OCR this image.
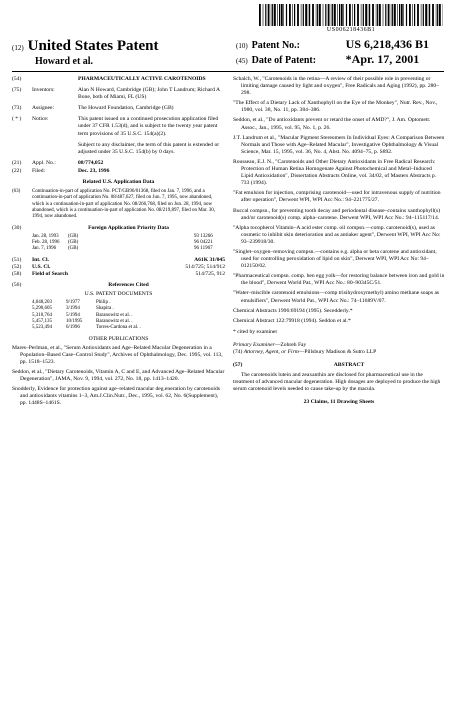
US006218436B1
(12) United States Patent
Howard et al.
(10) Patent No.:	US 6,218,436 B1
(45) Date of Patent:	*Apr. 17, 2001
(54)	PHARMACEUTICALLY ACTIVE CAROTENOIDS
(75)	Inventors:	Alan N Howard, Cambridge (GB); John T Landrum; Richard A Bone, both of Miami, FL (US)
(73)	Assignee:	The Howard Foundation, Cambridge (GB)
( * )	Notice:	This patent issued on a continued prosecution application filed under 37 CFR 1.53(d), and is subject to the twenty year patent term provisions of 35 U.S.C. 154(a)(2).
Subject to any disclaimer, the term of this patent is extended or adjusted under 35 U.S.C. 154(b) by 0 days.
(21)	Appl. No.:	08/774,052
(22)	Filed:	Dec. 23, 1996
Related U.S. Application Data
(63)	Continuation-in-part of application No. PCT/GB96/01368, filed on Jan. 7, 1996, and a continuation-in-part of application No. 08/487,627, filed on Jun. 7, 1995, now abandoned, which is a continuation-in-part of application No. 08/266,768, filed on Jun. 28, 1994, now abandoned, which is a continuation-in-part of application No. 08/219,897, filed on Mar. 30, 1994, now abandoned.
(30)	Foreign Application Priority Data
Jan. 28, 1993	(GB)	93 13266
Feb. 28, 1996	(GB)	96 04221
Jan. 7, 1996	(GB)	96 11967
(51)	Int. Cl.	A61K 31/045
(52)	U.S. Cl.	514/725; 514/912
(58)	Field of Search	514/725, 912
(56)	References Cited
U.S. PATENT DOCUMENTS
4,048,203	9/1977	Philip .
5,290,605	3/1994	Shapira .
5,310,764	5/1994	Baranowitz et al. .
5,457,135	10/1995	Baranowitz et al. .
5,523,494	6/1996	Torres-Cardona et al. .
OTHER PUBLICATIONS
Mares–Perlman, et al., "Serum Antioxidants and Age–Related Macular Degeneration in a Population–Based Case–Control Study", Archives of Ophthalmology, Dec. 1995, vol. 113, pp. 1518–1523.
Seddon, et al., "Dietary Carotenoids, Vitamin A, C and E, and Advanced Age–Related Macular Degeneration", JAMA, Nov. 9, 1994, vol. 272, No. 18, pp. 1413–1420.
Snodderly, Evidence for protection against age–related macular deg.eneration by carotenoids and antioxidants vitamins 1–3, Am.J.Clin.Nutr., Dec., 1995, vol. 62, No. 6(Supplement), pp. 1448S–1461S.
Schalch, W., "Carotenoids in the retina—A review of their possible role in preventing or limiting damage caused by light and oxygen", Free Radicals and Aging (1992), pp. 280–298.
"The Effect of a Dietary Lack of Xanthophyll on the Eye of the Monkey", Nutr. Rev., Nov., 1980, vol. 38, No. 11, pp. 384–386.
Seddon, et al., "Do antioxidants prevent or retard the onset of AMD?", J. Am. Optometr. Assoc., Jan., 1995, vol. 95, No. 1, p. 26.
J.T. Landrum et al., "Macular Pigment Stereomers In Individual Eyes: A Comparison Between Normals and Those with Age–Related Macular", Investigative Ophthalmology & Visual Science, Mar. 15, 1995, vol. 36, No. 4, Abst. No. 4094–75, p. S892.
Rousseau, E.J. N., "Carotenoids and Other Dietary Antioxidants in Free Radical Research: Protection of Human Retina Homogenate Against Photochemical and Metal–Induced Lipid Antioxidation", Dissertation Abstracts Online, vol. 34/02, of Masters Abstracts p. 733 (1994).
"Fat emulsion for injection, comprising carotenoid—used for intravenous supply of nutrition after operation", Derwent WPI, WPI Acc No.: 94–221775/27.
Buccal compsn., for preventing tooth decay and periodontal disease–contains xanthophyll(s) and/or carotenoid(s) comp. alpha–carotene. Derwent WPI, WPI Acc No.: 94–115117/14.
"Alpha tocopherol Vitamin–A acid ester comp. oil compsn.—comp. carotenoid(s), used as cosmetic to inhibit skin deterioration and as antiaker agent", Derwent WPI, WPI Acc No: 93–239918/30.
"Singlet–oxygen–removing compsn.—contains e.g. alpha or beta carotene and antioxidant, used for controlling peroxidation of lipid on skin", Derwent WPI, WPI Acc No: 94–012150/02.
"Pharmaceutical compsn. comp. hen egg yolk—for restoring balance between iron and gold in the blood", Derwent World Pat., WPI Acc No.: 80–90345C/51.
"Water–miscible carotenoid emulsions—comp trisihydroxymethyl) amino methane soaps as emulsifiers", Derwent World Pat., WPI Acc No.: 74–11689V/07.
Chemical Abstracts 1996:69194 (1995). Secedderly.*
Chemical Abstract 122:79918 (1994). Seddon et al.*
* cited by examiner
Primary Examiner—Zohreh Fay
(74) Attorney, Agent, or Firm—Pillsbury Madison & Sutro LLP
(57)	ABSTRACT
The carotenoids lutein and zeaxanthin are disclosed for pharmaceutical use in the treatment of advanced macular degeneration. High dosages are deployed to produce the high serum carotenoid levels needed to cause take-up by the macula.
23 Claims, 11 Drawing Sheets
